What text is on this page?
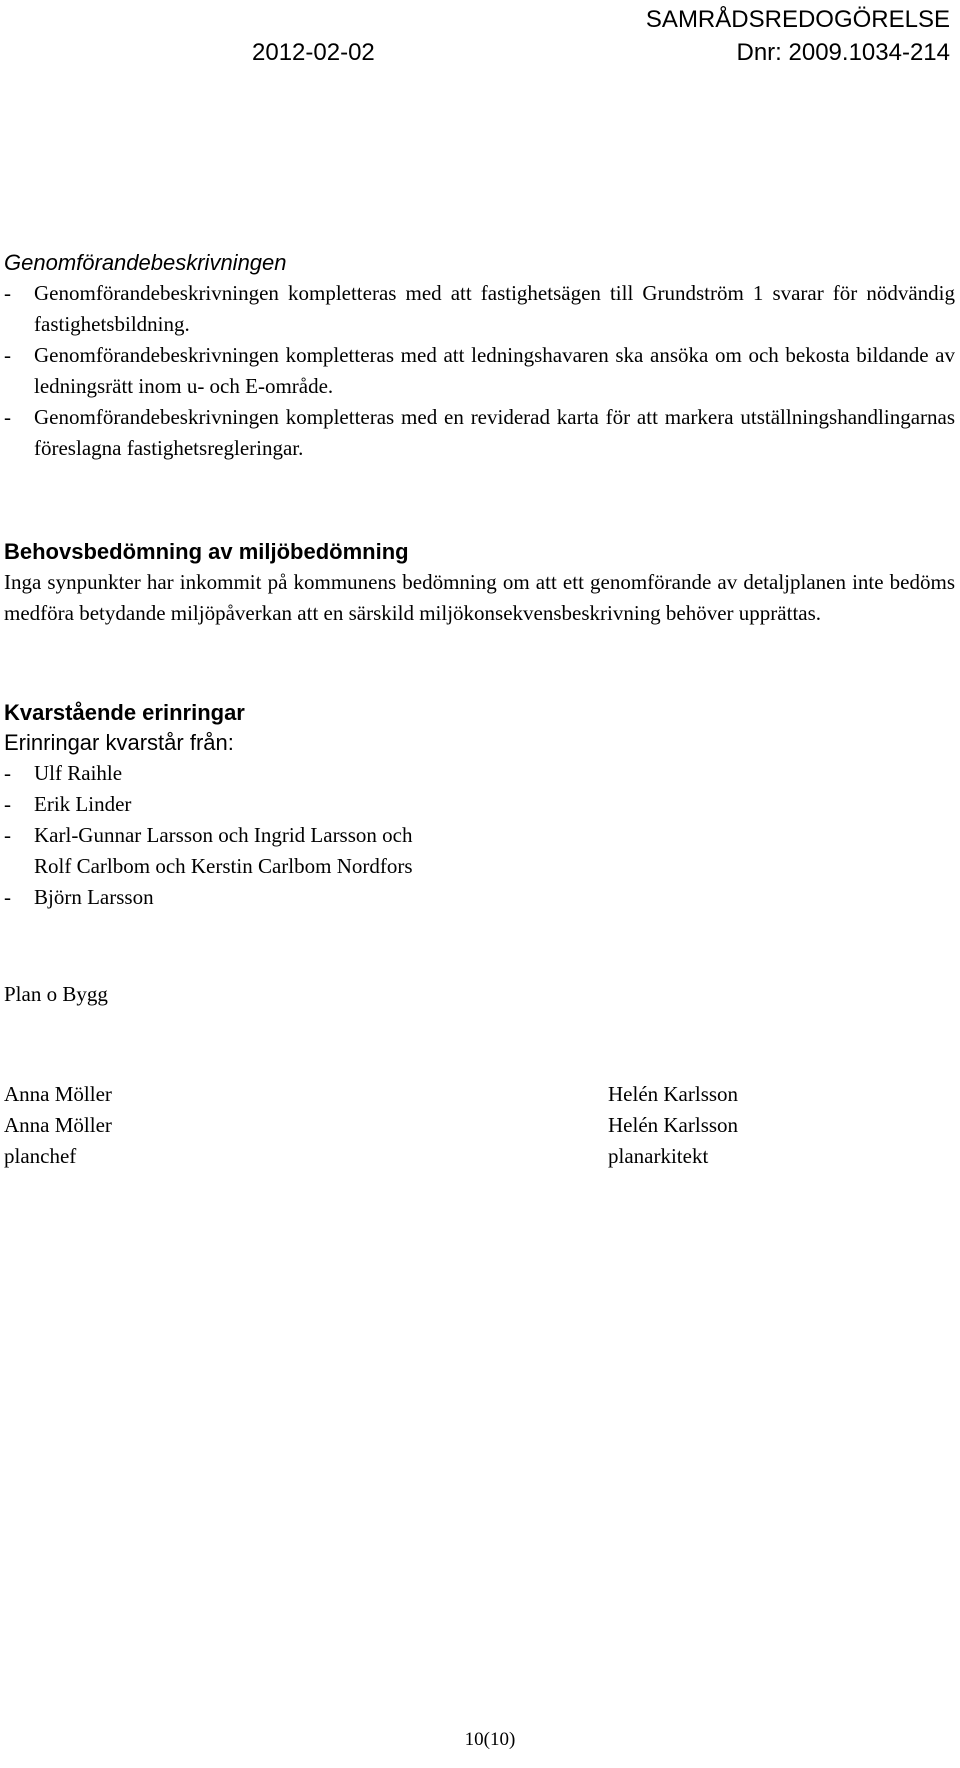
SAMRÅDSREDOGÖRELSE
2012-02-02	Dnr: 2009.1034-214

Genomförandebeskrivningen

-	Genomförandebeskrivningen kompletteras med att fastighetsägen till Grundström 1 svarar för nödvändig fastighetsbildning.
-	Genomförandebeskrivningen kompletteras med att ledningshavaren ska ansöka om och bekosta bildande av ledningsrätt inom u- och E-område.
-	Genomförandebeskrivningen kompletteras med en reviderad karta för att markera utställningshandlingarnas föreslagna fastighetsregleringar.

Behovsbedömning av miljöbedömning

Inga synpunkter har inkommit på kommunens bedömning om att ett genomförande av detaljplanen inte bedöms medföra betydande miljöpåverkan att en särskild miljökonsekvensbeskrivning behöver upprättas.

Kvarstående erinringar

Erinringar kvarstår från:

-	Ulf Raihle
-	Erik Linder
-	Karl-Gunnar Larsson och Ingrid Larsson och
Rolf Carlbom och Kerstin Carlbom Nordfors
-	Björn Larsson
Plan o Bygg
Anna Möller
Anna Möller
planchef
Helén Karlsson
Helén Karlsson
planarkitekt
10(10)
